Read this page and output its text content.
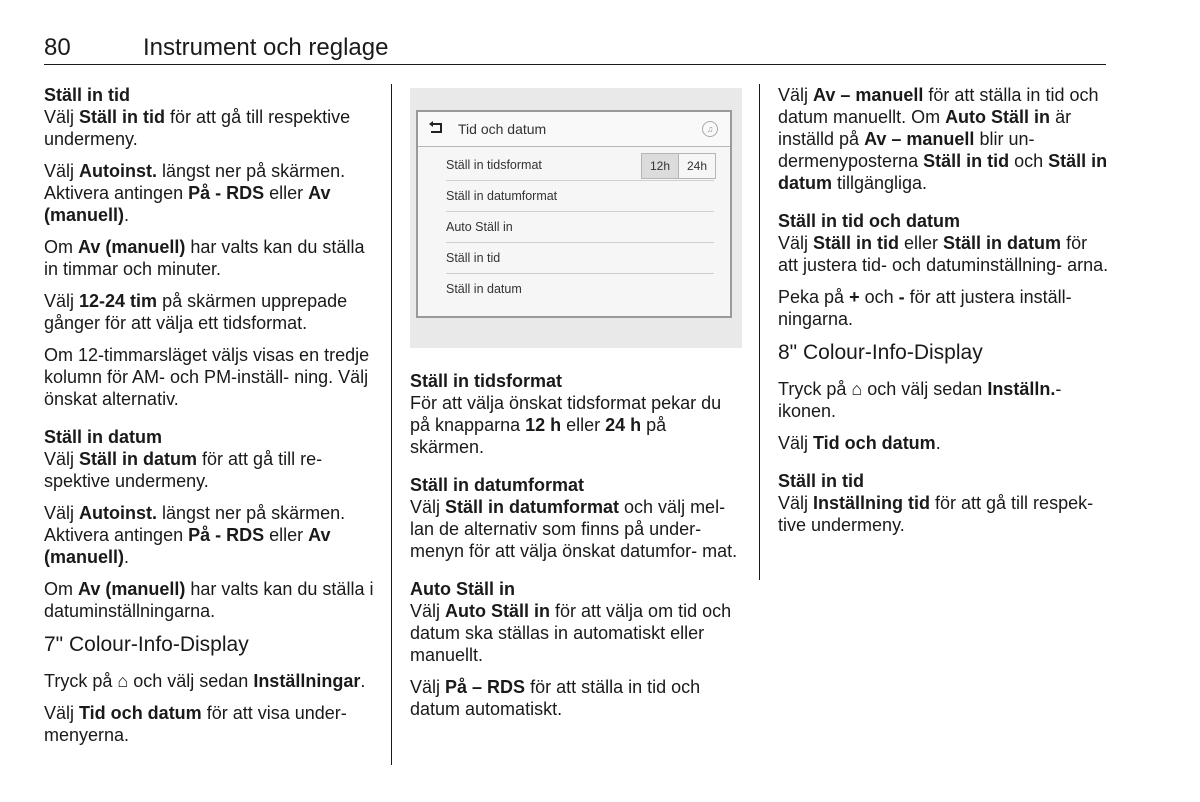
80	Instrument och reglage
Ställ in tid

Välj Ställ in tid för att gå till respektive undermeny.

Välj Autoinst. längst ner på skärmen. Aktivera antingen På - RDS eller Av (manuell).

Om Av (manuell) har valts kan du ställa in timmar och minuter.

Välj 12-24 tim på skärmen upprepade gånger för att välja ett tidsformat.

Om 12-timmarsläget väljs visas en tredje kolumn för AM- och PM-inställ- ning. Välj önskat alternativ.

Ställ in datum

Välj Ställ in datum för att gå till re- spektive undermeny.

Välj Autoinst. längst ner på skärmen. Aktivera antingen På - RDS eller Av (manuell).

Om Av (manuell) har valts kan du ställa i datuminställningarna.

7" Colour-Info-Display

Tryck på ⌂ och välj sedan Inställningar.

Välj Tid och datum för att visa under- menyerna.

Tid och datum	♫
Ställ in tidsformat	12h	24h
Ställ in datumformat
Auto Ställ in
Ställ in tid
Ställ in datum
Ställ in tidsformat

För att välja önskat tidsformat pekar du på knapparna 12 h eller 24 h på skärmen.

Ställ in datumformat

Välj Ställ in datumformat och välj mel- lan de alternativ som finns på under- menyn för att välja önskat datumfor- mat.

Auto Ställ in

Välj Auto Ställ in för att välja om tid och datum ska ställas in automatiskt eller manuellt.

Välj På – RDS för att ställa in tid och datum automatiskt.

Välj Av – manuell för att ställa in tid och datum manuellt. Om Auto Ställ in är inställd på Av – manuell blir un- dermenyposterna Ställ in tid och Ställ in datum tillgängliga.

Ställ in tid och datum

Välj Ställ in tid eller Ställ in datum för att justera tid- och datuminställning- arna.

Peka på + och - för att justera inställ- ningarna.

8" Colour-Info-Display

Tryck på ⌂ och välj sedan Inställn.- ikonen.

Välj Tid och datum.

Ställ in tid

Välj Inställning tid för att gå till respek- tive undermeny.
